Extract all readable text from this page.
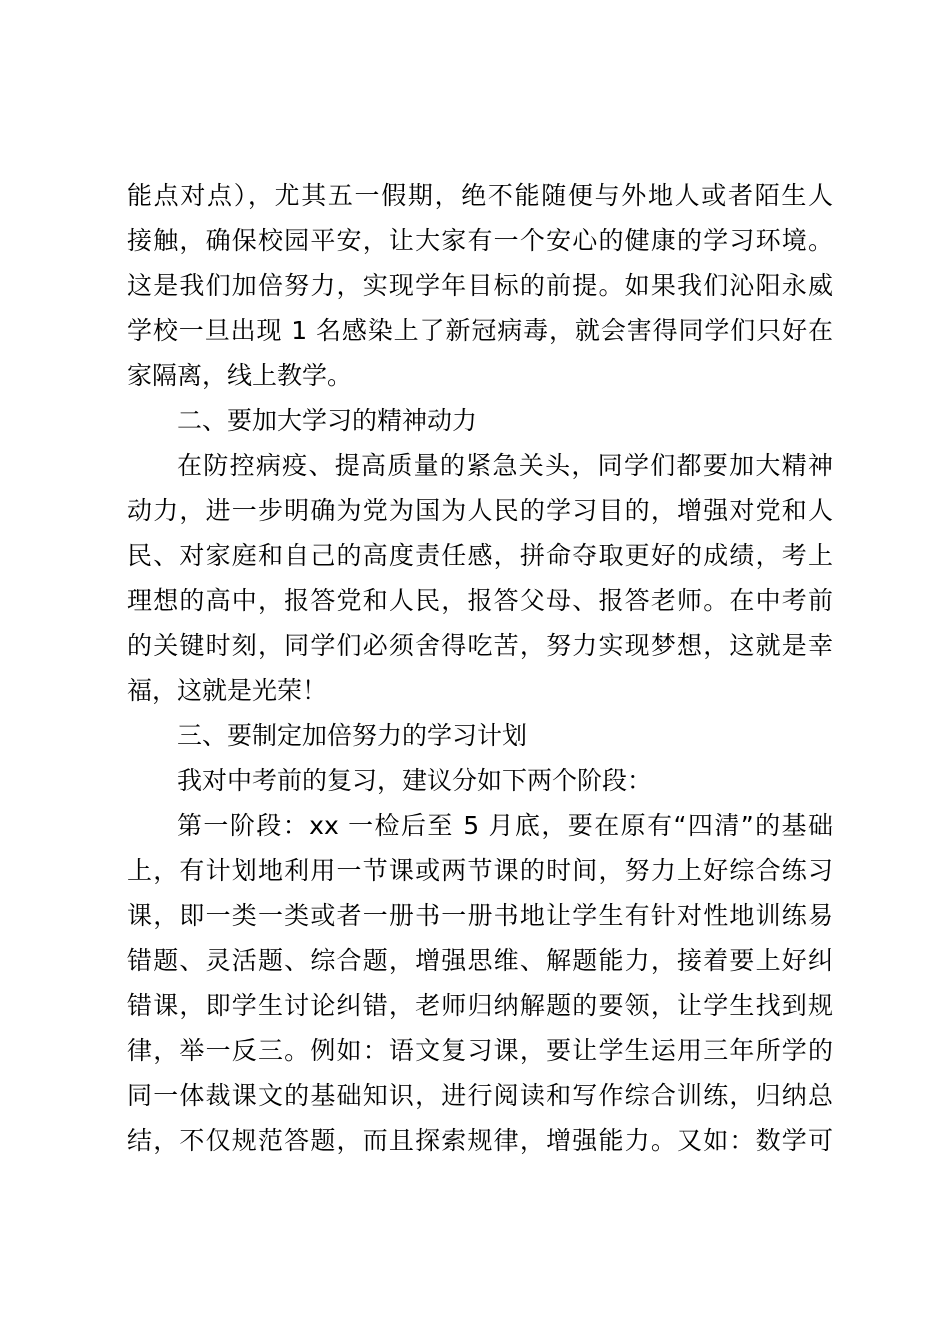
能点对点），尤其五一假期，绝不能随便与外地人或者陌生人
接触，确保校园平安，让大家有一个安心的健康的学习环境。
这是我们加倍努力，实现学年目标的前提。如果我们沁阳永威
学校一旦出现 1 名感染上了新冠病毒，就会害得同学们只好在
家隔离，线上教学。
二、要加大学习的精神动力
在防控病疫、提高质量的紧急关头，同学们都要加大精神
动力，进一步明确为党为国为人民的学习目的，增强对党和人
民、对家庭和自己的高度责任感，拼命夺取更好的成绩，考上
理想的高中，报答党和人民，报答父母、报答老师。在中考前
的关键时刻，同学们必须舍得吃苦，努力实现梦想，这就是幸
福，这就是光荣！
三、要制定加倍努力的学习计划
我对中考前的复习，建议分如下两个阶段：
第一阶段：xx 一检后至 5 月底，要在原有“四清”的基础
上，有计划地利用一节课或两节课的时间，努力上好综合练习
课，即一类一类或者一册书一册书地让学生有针对性地训练易
错题、灵活题、综合题，增强思维、解题能力，接着要上好纠
错课，即学生讨论纠错，老师归纳解题的要领，让学生找到规
律，举一反三。例如：语文复习课，要让学生运用三年所学的
同一体裁课文的基础知识，进行阅读和写作综合训练，归纳总
结，不仅规范答题，而且探索规律，增强能力。又如：数学可
